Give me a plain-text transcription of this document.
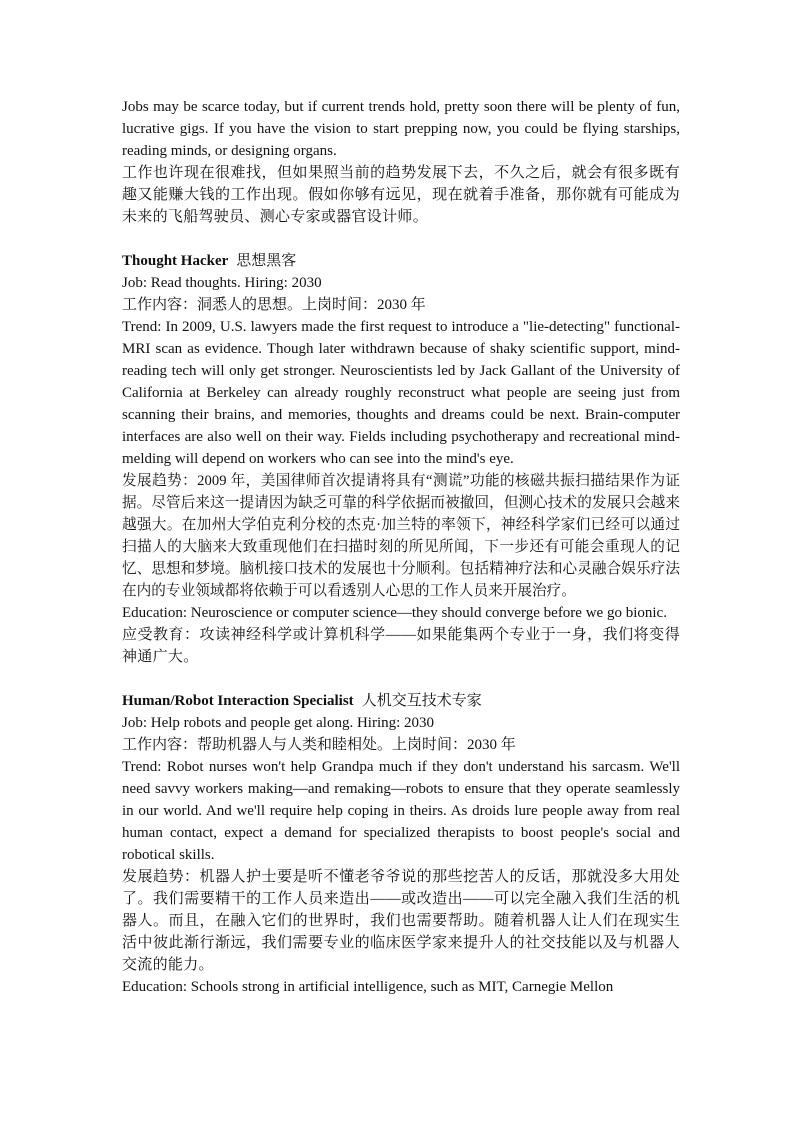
Jobs may be scarce today, but if current trends hold, pretty soon there will be plenty of fun, lucrative gigs. If you have the vision to start prepping now, you could be flying starships, reading minds, or designing organs.

工作也许现在很难找，但如果照当前的趋势发展下去，不久之后，就会有很多既有趣又能赚大钱的工作出现。假如你够有远见，现在就着手准备，那你就有可能成为未来的飞船驾驶员、测心专家或器官设计师。

Thought Hacker 思想黑客

Job: Read thoughts. Hiring: 2030

工作内容：洞悉人的思想。上岗时间：2030 年

Trend: In 2009, U.S. lawyers made the first request to introduce a "lie-detecting" functional-MRI scan as evidence. Though later withdrawn because of shaky scientific support, mind-reading tech will only get stronger. Neuroscientists led by Jack Gallant of the University of California at Berkeley can already roughly reconstruct what people are seeing just from scanning their brains, and memories, thoughts and dreams could be next. Brain-computer interfaces are also well on their way. Fields including psychotherapy and recreational mind-melding will depend on workers who can see into the mind's eye.

发展趋势：2009 年，美国律师首次提请将具有“测谎”功能的核磁共振扫描结果作为证据。尽管后来这一提请因为缺乏可靠的科学依据而被撤回，但测心技术的发展只会越来越强大。在加州大学伯克利分校的杰克·加兰特的率领下，神经科学家们已经可以通过扫描人的大脑来大致重现他们在扫描时刻的所见所闻，下一步还有可能会重现人的记忆、思想和梦境。脑机接口技术的发展也十分顺利。包括精神疗法和心灵融合娱乐疗法在内的专业领域都将依赖于可以看透别人心思的工作人员来开展治疗。

Education: Neuroscience or computer science—they should converge before we go bionic.

应受教育：攻读神经科学或计算机科学——如果能集两个专业于一身，我们将变得神通广大。

Human/Robot Interaction Specialist 人机交互技术专家

Job: Help robots and people get along. Hiring: 2030

工作内容：帮助机器人与人类和睦相处。上岗时间：2030 年

Trend: Robot nurses won't help Grandpa much if they don't understand his sarcasm. We'll need savvy workers making—and remaking—robots to ensure that they operate seamlessly in our world. And we'll require help coping in theirs. As droids lure people away from real human contact, expect a demand for specialized therapists to boost people's social and robotical skills.

发展趋势：机器人护士要是听不懂老爷爷说的那些挖苦人的反话，那就没多大用处了。我们需要精干的工作人员来造出——或改造出——可以完全融入我们生活的机器人。而且，在融入它们的世界时，我们也需要帮助。随着机器人让人们在现实生活中彼此渐行渐远，我们需要专业的临床医学家来提升人的社交技能以及与机器人交流的能力。

Education: Schools strong in artificial intelligence, such as MIT, Carnegie Mellon
